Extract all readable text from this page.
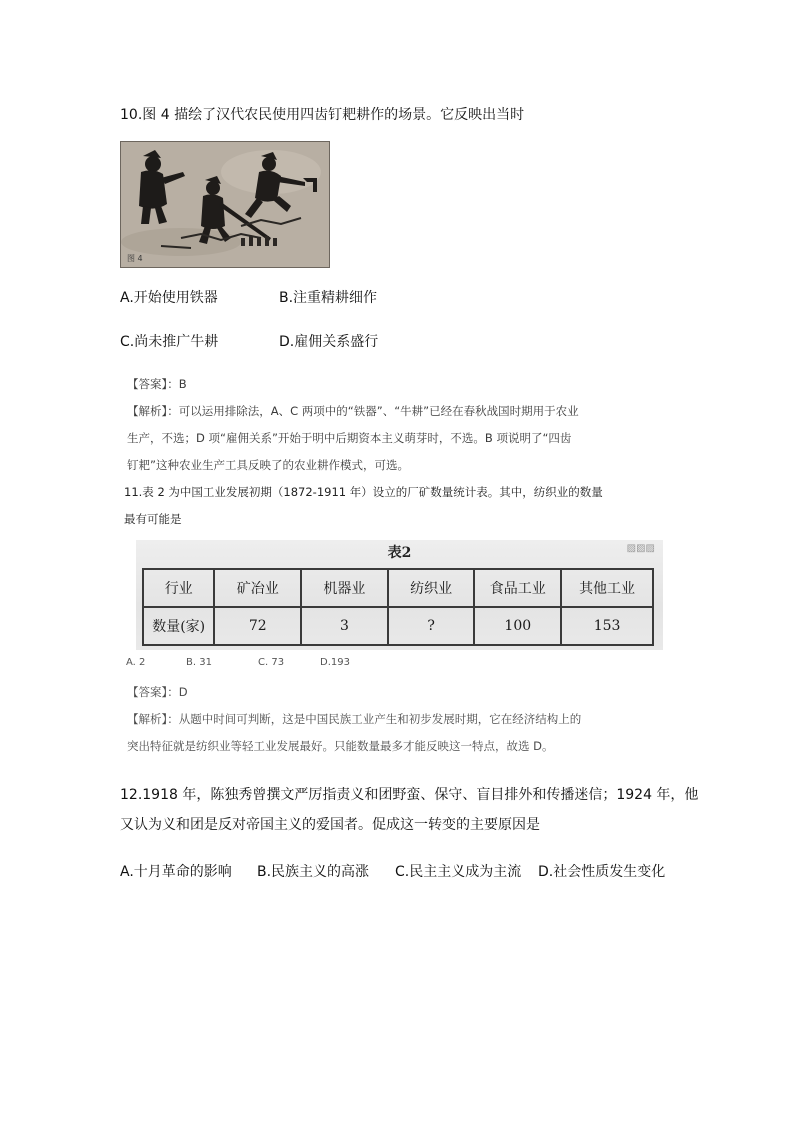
10.图 4 描绘了汉代农民使用四齿钉耙耕作的场景。它反映出当时
图 4
A.开始使用铁器	B.注重精耕细作
C.尚未推广牛耕	D.雇佣关系盛行
【答案】：B
【解析】：可以运用排除法，A、C 两项中的“铁器”、“牛耕”已经在春秋战国时期用于农业
生产，不选；D 项“雇佣关系”开始于明中后期资本主义萌芽时，不选。B 项说明了“四齿
钉耙”这种农业生产工具反映了的农业耕作模式，可选。
11.表 2 为中国工业发展初期（1872-1911 年）设立的厂矿数量统计表。其中，纺织业的数量
最有可能是
表2	▨▨▨
行业	矿冶业	机器业	纺织业	食品工业	其他工业
数量(家)	72	3	?	100	153
A. 2	B. 31	C. 73	D.193
【答案】：D
【解析】：从题中时间可判断，这是中国民族工业产生和初步发展时期，它在经济结构上的
突出特征就是纺织业等轻工业发展最好。只能数量最多才能反映这一特点，故选 D。
12.1918 年，陈独秀曾撰文严厉指责义和团野蛮、保守、盲目排外和传播迷信；1924 年，他
又认为义和团是反对帝国主义的爱国者。促成这一转变的主要原因是
A.十月革命的影响 B.民族主义的高涨 C.民主主义成为主流 D.社会性质发生变化
